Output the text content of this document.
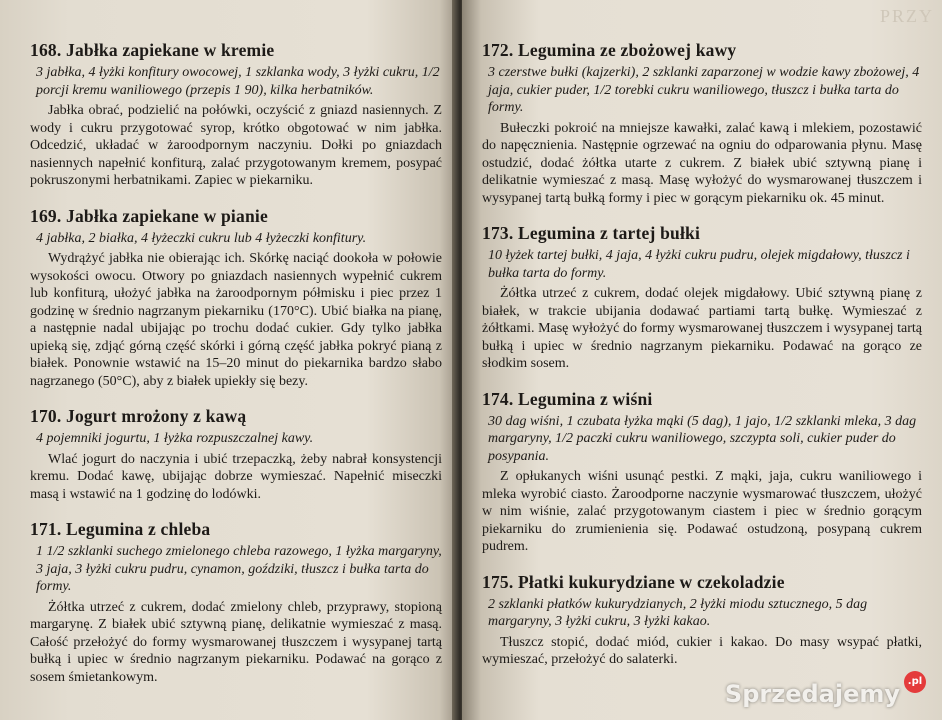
168. Jabłka zapiekane w kremie

3 jabłka, 4 łyżki konfitury owocowej, 1 szklanka wody, 3 łyżki cukru, 1/2 porcji kremu waniliowego (przepis 1 90), kilka herbatników.

Jabłka obrać, podzielić na połówki, oczyścić z gniazd nasiennych. Z wody i cukru przygotować syrop, krótko obgotować w nim jabłka. Odcedzić, układać w żaroodpornym naczyniu. Dołki po gniazdach nasiennych napełnić konfiturą, zalać przygotowanym kremem, posypać pokruszonymi herbatnikami. Zapiec w piekarniku.

169. Jabłka zapiekane w pianie

4 jabłka, 2 białka, 4 łyżeczki cukru lub 4 łyżeczki konfitury.

Wydrążyć jabłka nie obierając ich. Skórkę naciąć dookoła w połowie wysokości owocu. Otwory po gniazdach nasiennych wypełnić cukrem lub konfiturą, ułożyć jabłka na żaroodpornym półmisku i piec przez 1 godzinę w średnio nagrzanym piekarniku (170°C). Ubić białka na pianę, a następnie nadal ubijając po trochu dodać cukier. Gdy tylko jabłka upieką się, zdjąć górną część skórki i górną część jabłka pokryć pianą z białek. Ponownie wstawić na 15–20 minut do piekarnika bardzo słabo nagrzanego (50°C), aby z białek upiekły się bezy.

170. Jogurt mrożony z kawą

4 pojemniki jogurtu, 1 łyżka rozpuszczalnej kawy.

Wlać jogurt do naczynia i ubić trzepaczką, żeby nabrał konsystencji kremu. Dodać kawę, ubijając dobrze wymieszać. Napełnić miseczki masą i wstawić na 1 godzinę do lodówki.

171. Legumina z chleba

1 1/2 szklanki suchego zmielonego chleba razowego, 1 łyżka margaryny, 3 jaja, 3 łyżki cukru pudru, cynamon, goździki, tłuszcz i bułka tarta do formy.

Żółtka utrzeć z cukrem, dodać zmielony chleb, przyprawy, stopioną margarynę. Z białek ubić sztywną pianę, delikatnie wymieszać z masą. Całość przełożyć do formy wysmarowanej tłuszczem i wysypanej tartą bułką i upiec w średnio nagrzanym piekarniku. Podawać na gorąco z sosem śmietankowym.

PRZY
172. Legumina ze zbożowej kawy

3 czerstwe bułki (kajzerki), 2 szklanki zaparzonej w wodzie kawy zbożowej, 4 jaja, cukier puder, 1/2 torebki cukru waniliowego, tłuszcz i bułka tarta do formy.

Bułeczki pokroić na mniejsze kawałki, zalać kawą i mlekiem, pozostawić do napęcznienia. Następnie ogrzewać na ogniu do odparowania płynu. Masę ostudzić, dodać żółtka utarte z cukrem. Z białek ubić sztywną pianę i delikatnie wymieszać z masą. Masę wyłożyć do wysmarowanej tłuszczem i wysypanej tartą bułką formy i piec w gorącym piekarniku ok. 45 minut.

173. Legumina z tartej bułki

10 łyżek tartej bułki, 4 jaja, 4 łyżki cukru pudru, olejek migdałowy, tłuszcz i bułka tarta do formy.

Żółtka utrzeć z cukrem, dodać olejek migdałowy. Ubić sztywną pianę z białek, w trakcie ubijania dodawać partiami tartą bułkę. Wymieszać z żółtkami. Masę wyłożyć do formy wysmarowanej tłuszczem i wysypanej tartą bułką i upiec w średnio nagrzanym piekarniku. Podawać na gorąco ze słodkim sosem.

174. Legumina z wiśni

30 dag wiśni, 1 czubata łyżka mąki (5 dag), 1 jajo, 1/2 szklanki mleka, 3 dag margaryny, 1/2 paczki cukru waniliowego, szczypta soli, cukier puder do posypania.

Z opłukanych wiśni usunąć pestki. Z mąki, jaja, cukru waniliowego i mleka wyrobić ciasto. Żaroodporne naczynie wysmarować tłuszczem, ułożyć w nim wiśnie, zalać przygotowanym ciastem i piec w średnio gorącym piekarniku do zrumienienia się. Podawać ostudzoną, posypaną cukrem pudrem.

175. Płatki kukurydziane w czekoladzie

2 szklanki płatków kukurydzianych, 2 łyżki miodu sztucznego, 5 dag margaryny, 3 łyżki cukru, 3 łyżki kakao.

Tłuszcz stopić, dodać miód, cukier i kakao. Do masy wsypać płatki, wymieszać, przełożyć do salaterki.

Sprzedajemy .pl
